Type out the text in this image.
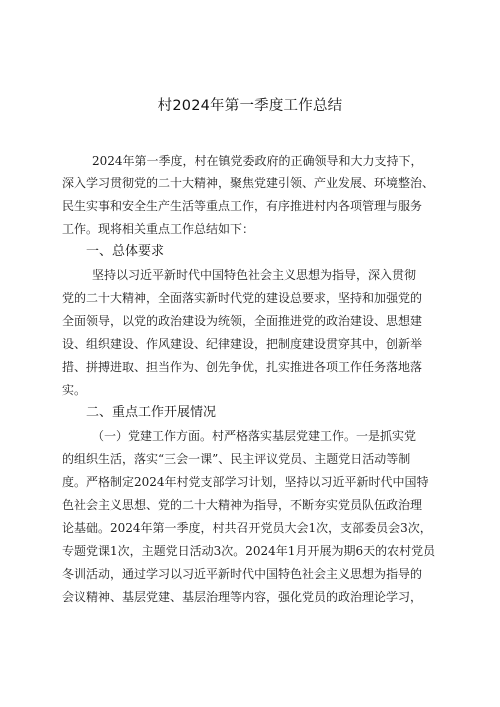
村2024年第一季度工作总结
2024年第一季度，村在镇党委政府的正确领导和大力支持下，
深入学习贯彻党的二十大精神，聚焦党建引领、产业发展、环境整治、
民生实事和安全生产生活等重点工作，有序推进村内各项管理与服务
工作。现将相关重点工作总结如下：
一、总体要求
坚持以习近平新时代中国特色社会主义思想为指导，深入贯彻
党的二十大精神，全面落实新时代党的建设总要求，坚持和加强党的
全面领导，以党的政治建设为统领，全面推进党的政治建设、思想建
设、组织建设、作风建设、纪律建设，把制度建设贯穿其中，创新举
措、拼搏进取、担当作为、创先争优，扎实推进各项工作任务落地落
实。
二、重点工作开展情况
（一）党建工作方面。村严格落实基层党建工作。一是抓实党
的组织生活，落实“三会一课”、民主评议党员、主题党日活动等制
度。严格制定2024年村党支部学习计划，坚持以习近平新时代中国特
色社会主义思想、党的二十大精神为指导，不断夯实党员队伍政治理
论基础。2024年第一季度，村共召开党员大会1次，支部委员会3次，
专题党课1次，主题党日活动3次。2024年1月开展为期6天的农村党员
冬训活动，通过学习以习近平新时代中国特色社会主义思想为指导的
会议精神、基层党建、基层治理等内容，强化党员的政治理论学习，
